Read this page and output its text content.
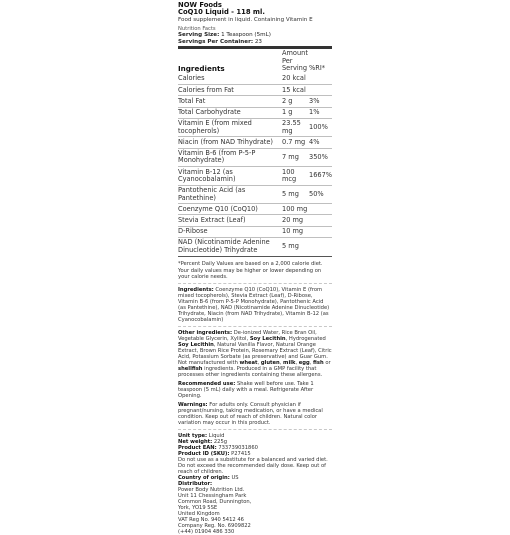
NOW Foods
CoQ10 Liquid - 118 ml.
Food supplement in liquid. Containing Vitamin E
Nutrition Facts
Serving Size: 1 Teaspoon (5mL)
Servings Per Container: 23
Ingredients	Amount Per Serving	%RI*
Calories	20 kcal	
Calories from Fat	15 kcal	
Total Fat	2 g	3%
Total Carbohydrate	1 g	1%
Vitamin E (from mixed tocopherols)	23.55 mg	100%
Niacin (from NAD Trihydrate)	0.7 mg	4%
Vitamin B-6 (from P-5-P Monohydrate)	7 mg	350%
Vitamin B-12 (as Cyanocobalamin)	100 mcg	1667%
Pantothenic Acid (as Pantethine)	5 mg	50%
Coenzyme Q10 (CoQ10)	100 mg	
Stevia Extract (Leaf)	20 mg	
D-Ribose	10 mg	
NAD (Nicotinamide Adenine Dinucleotide) Trihydrate	5 mg	
*Percent Daily Values are based on a 2,000 calorie diet. Your daily values may be higher or lower depending on your calorie needs.
Ingredients: Coenzyme Q10 (CoQ10), Vitamin E (from mixed tocopherols), Stevia Extract (Leaf), D-Ribose, Vitamin B-6 (from P-5-P Monohydrate), Pantothenic Acid (as Pantethine), NAD (Nicotinamide Adenine Dinucleotide) Trihydrate, Niacin (from NAD Trihydrate), Vitamin B-12 (as Cyanocobalamin)
Other ingredients: De-ionized Water, Rice Bran Oil, Vegetable Glycerin, Xylitol, Soy Lecithin, Hydrogenated Soy Lecithin, Natural Vanilla Flavor, Natural Orange Extract, Brown Rice Protein, Rosemary Extract (Leaf), Citric Acid, Potassium Sorbate (as preservative) and Guar Gum. Not manufactured with wheat, gluten, milk, egg, fish or shellfish ingredients. Produced in a GMP facility that processes other ingredients containing these allergens.
Recommended use: Shake well before use. Take 1 teaspoon (5 mL) daily with a meal. Refrigerate After Opening.
Warnings: For adults only. Consult physician if pregnant/nursing, taking medication, or have a medical condition. Keep out of reach of children. Natural color variation may occur in this product.
Unit type: Liquid
Net weight: 225g
Product EAN: 733739031860
Product ID (SKU): P27415
Do not use as a substitute for a balanced and varied diet.
Do not exceed the recommended daily dose. Keep out of reach of children.
Country of origin: US
Distributor:
Power Body Nutrition Ltd.
Unit 11 Chessingham Park
Common Road, Dunnington,
York, YO19 5SE
United Kingdom
VAT Reg No. 940 5412 46
Company Reg. No. 6909822
(+44) 01904 486 330
